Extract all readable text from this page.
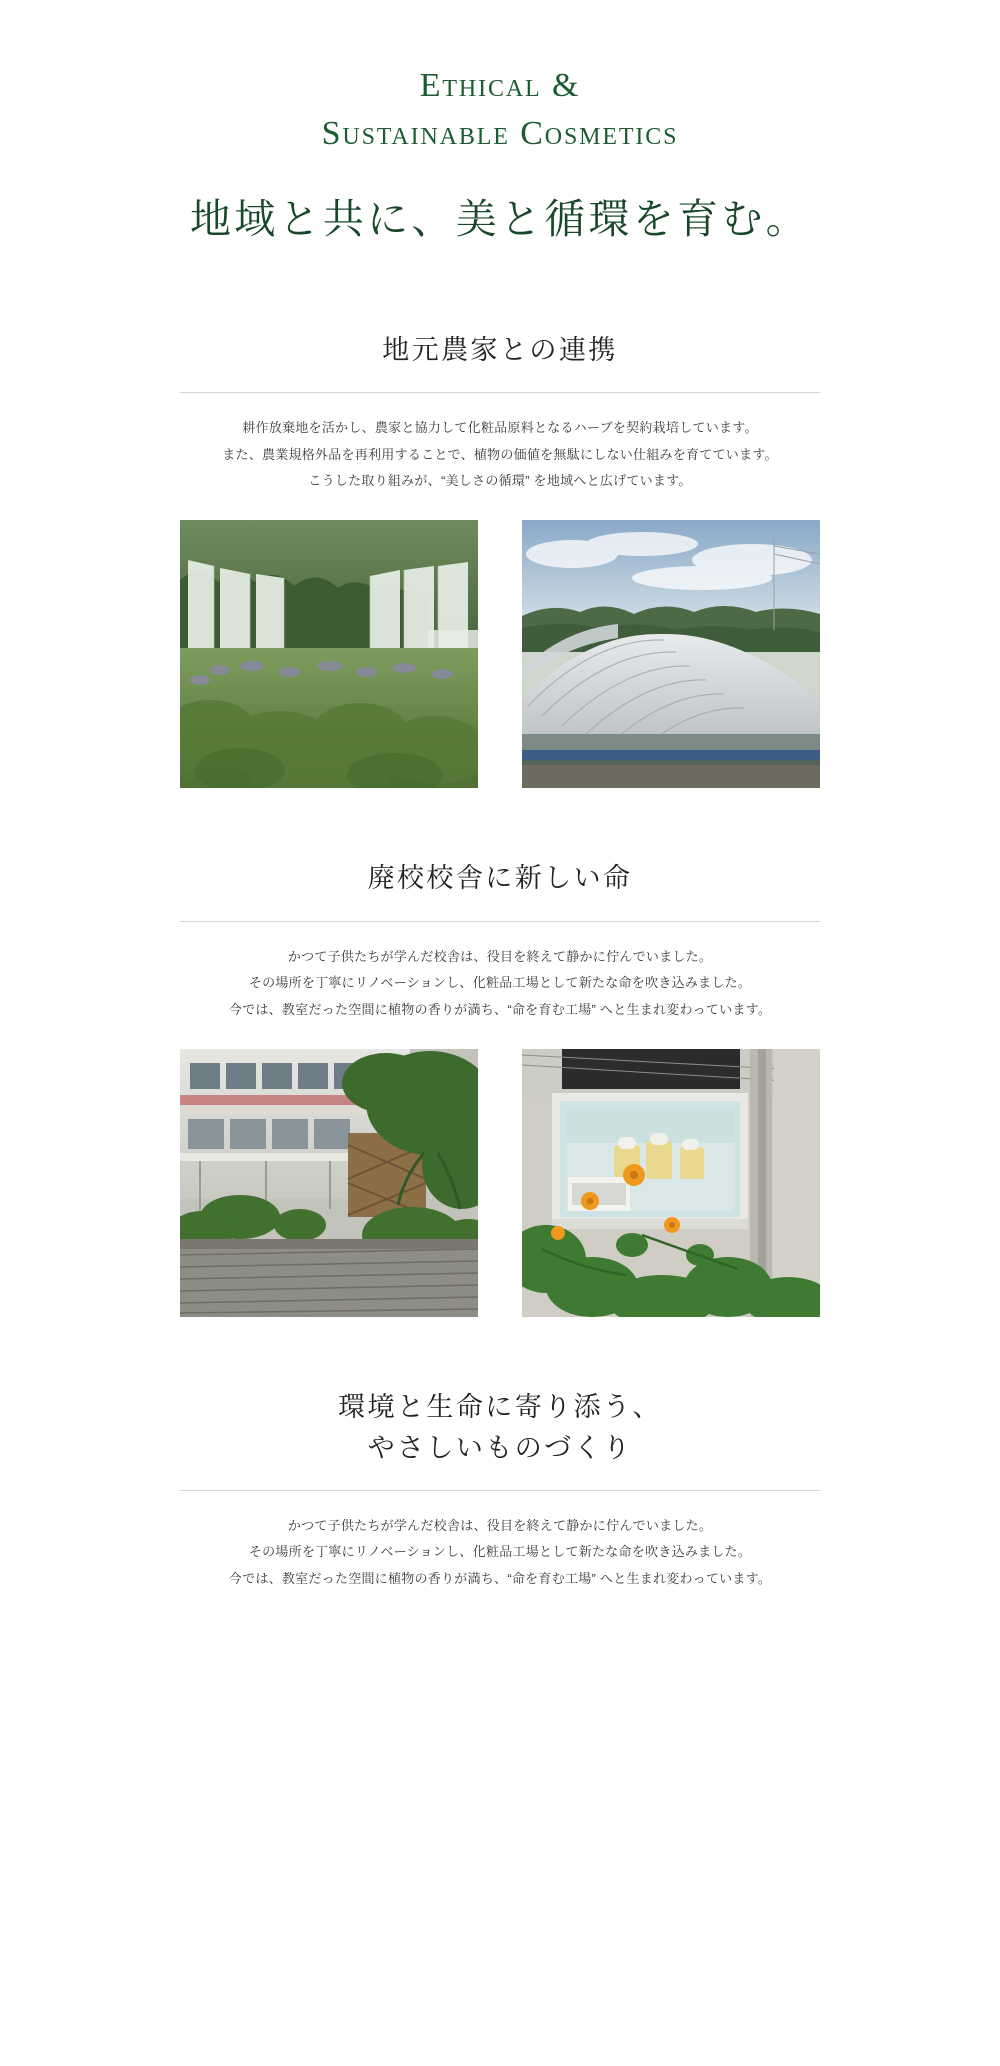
Ethical &
Sustainable Cosmetics
地域と共に、美と循環を育む。
地元農家との連携

耕作放棄地を活かし、農家と協力して化粧品原料となるハーブを契約栽培しています。

また、農業規格外品を再利用することで、植物の価値を無駄にしない仕組みを育てています。

こうした取り組みが、“美しさの循環” を地域へと広げています。

廃校校舎に新しい命

かつて子供たちが学んだ校舎は、役目を終えて静かに佇んでいました。

その場所を丁寧にリノベーションし、化粧品工場として新たな命を吹き込みました。

今では、教室だった空間に植物の香りが満ち、“命を育む工場” へと生まれ変わっています。

環境と生命に寄り添う、
やさしいものづくり

かつて子供たちが学んだ校舎は、役目を終えて静かに佇んでいました。

その場所を丁寧にリノベーションし、化粧品工場として新たな命を吹き込みました。

今では、教室だった空間に植物の香りが満ち、“命を育む工場” へと生まれ変わっています。
